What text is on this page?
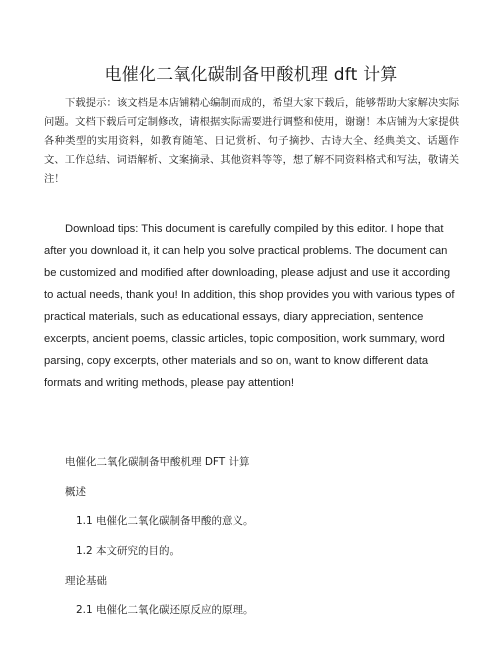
电催化二氧化碳制备甲酸机理 dft 计算

下载提示：该文档是本店铺精心编制而成的，希望大家下载后，能够帮助大家解决实际问题。文档下载后可定制修改，请根据实际需要进行调整和使用，谢谢！本店铺为大家提供各种类型的实用资料，如教育随笔、日记赏析、句子摘抄、古诗大全、经典美文、话题作文、工作总结、词语解析、文案摘录、其他资料等等，想了解不同资料格式和写法，敬请关注！

Download tips: This document is carefully compiled by this editor. I hope that after you download it, it can help you solve practical problems. The document can be customized and modified after downloading, please adjust and use it according to actual needs, thank you! In addition, this shop provides you with various types of practical materials, such as educational essays, diary appreciation, sentence excerpts, ancient poems, classic articles, topic composition, work summary, word parsing, copy excerpts, other materials and so on, want to know different data formats and writing methods, please pay attention!

电催化二氧化碳制备甲酸机理 DFT 计算

概述

1.1 电催化二氧化碳制备甲酸的意义。

1.2 本文研究的目的。

理论基础

2.1 电催化二氧化碳还原反应的原理。
